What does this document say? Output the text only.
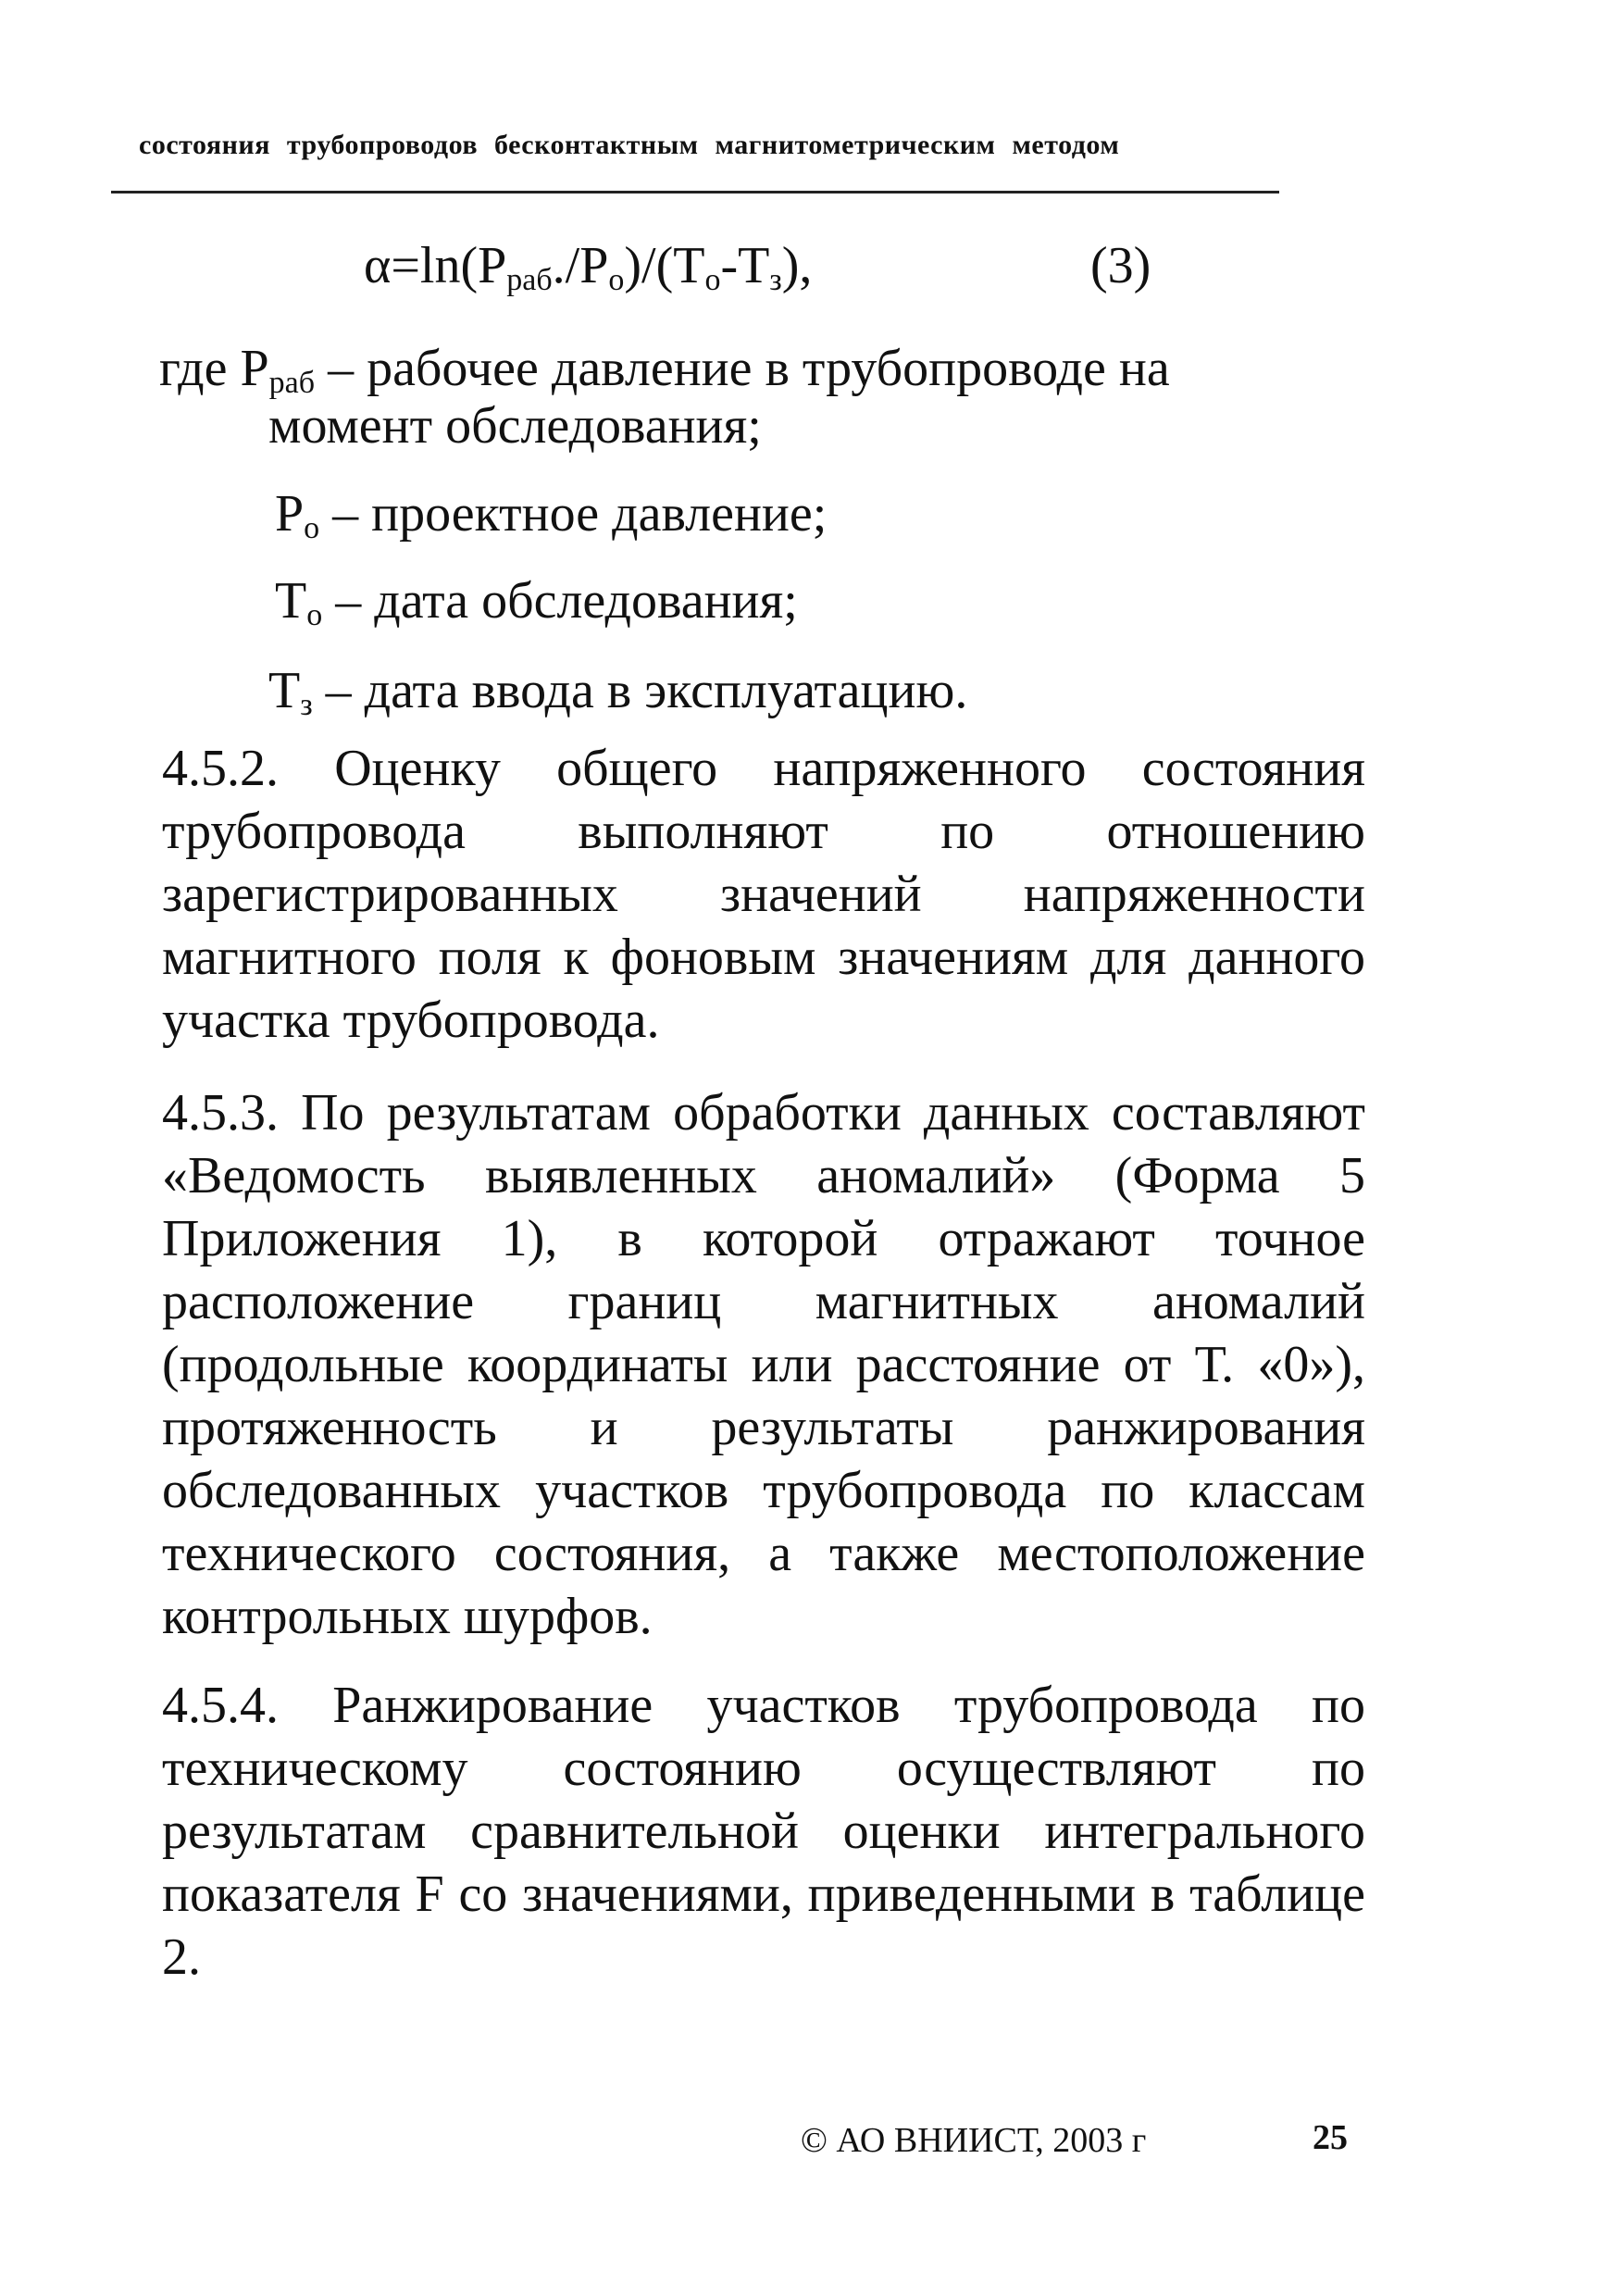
состояния трубопроводов бесконтактным магнитометрическим методом
$\alpha=\ln(P_{раб}./P_о)/(T_о-T_з)$,	(3)
где $P_{раб}$ – рабочее давление в трубопроводе на
момент обследования;
$P_о$ – проектное давление;
$T_о$ – дата обследования;
$T_з$ – дата ввода в эксплуатацию.
4.5.2. Оценку общего напряженного состояния трубопровода выполняют по отношению зарегистрированных значений напряженности магнитного поля к фоновым значениям для данного участка трубопровода.
4.5.3. По результатам обработки данных составляют «Ведомость выявленных аномалий» (Форма 5 Приложения 1), в которой отражают точное расположение границ магнитных аномалий (продольные координаты или расстояние от Т. «0»), протяженность и результаты ранжирования обследованных участков трубопровода по классам технического состояния, а также местоположение контрольных шурфов.
4.5.4. Ранжирование участков трубопровода по техническому состоянию осуществляют по результатам сравнительной оценки интегрального показателя F со значениями, приведенными в таблице 2.
© АО ВНИИСТ, 2003 г	25
